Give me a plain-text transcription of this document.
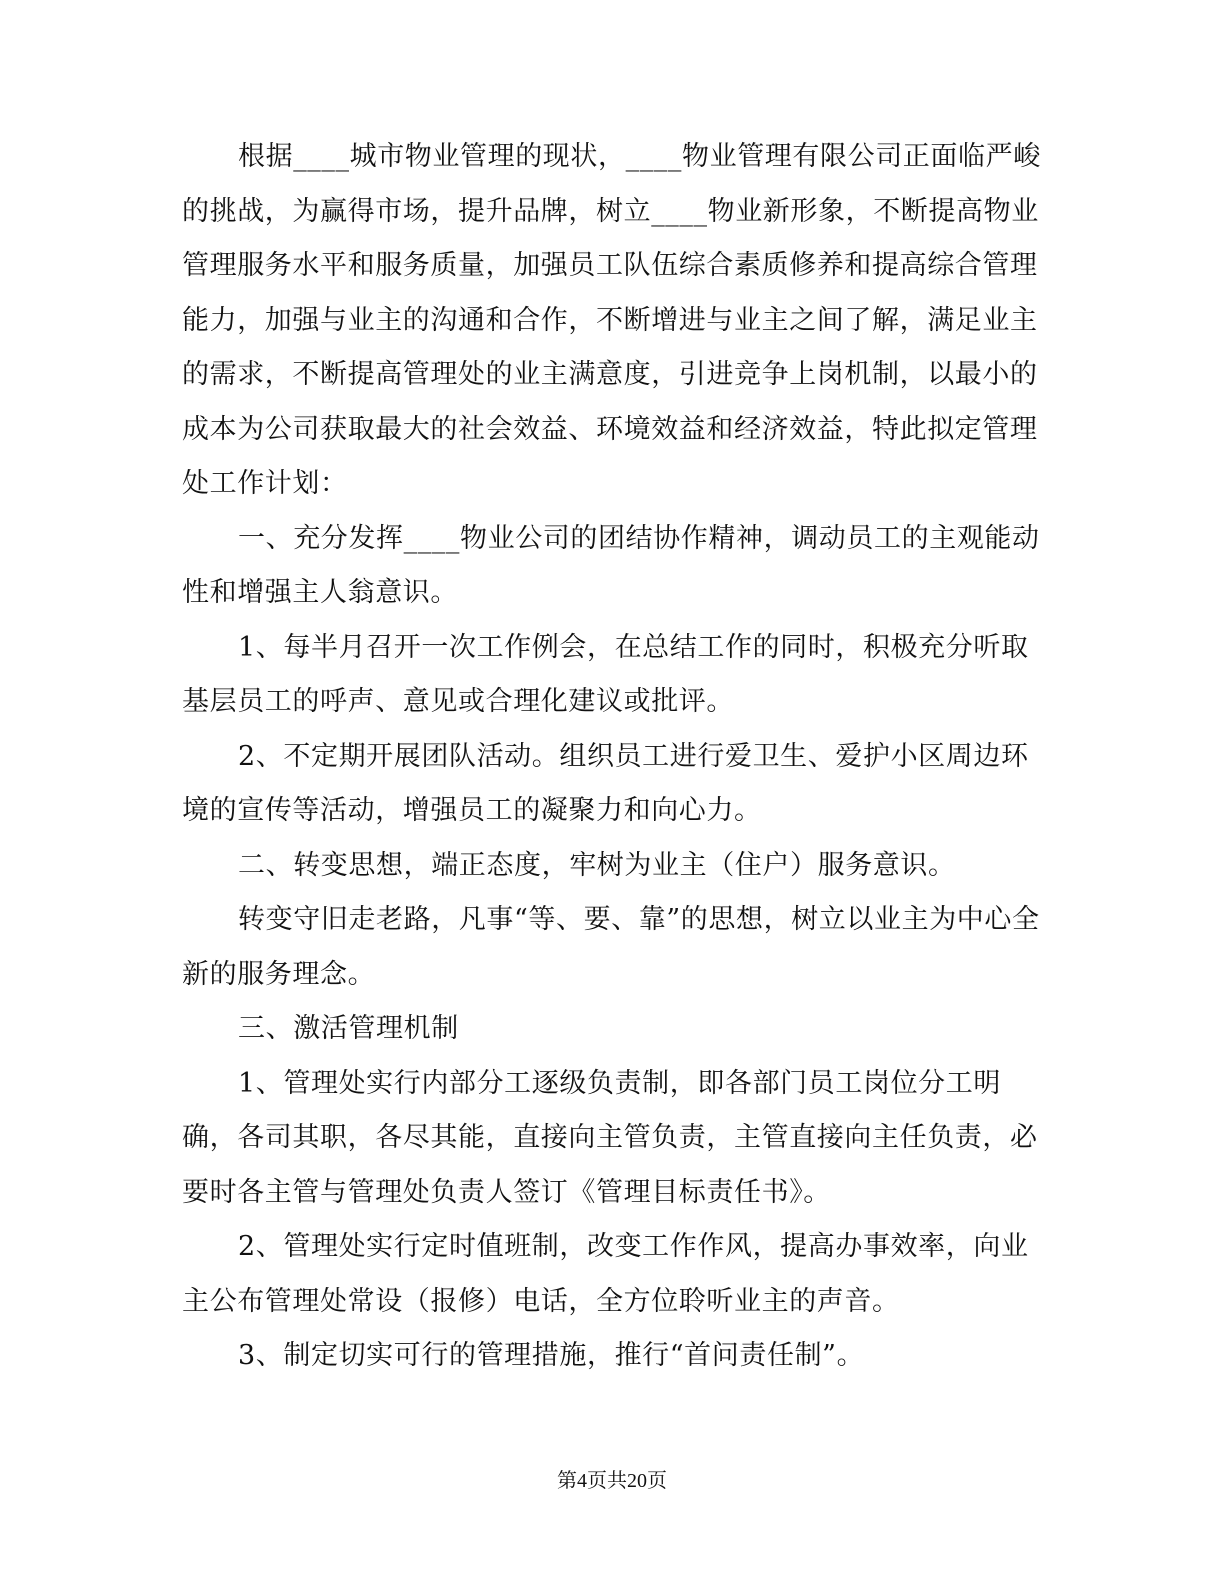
根据____城市物业管理的现状，____物业管理有限公司正面临严峻的挑战，为赢得市场，提升品牌，树立____物业新形象，不断提高物业管理服务水平和服务质量，加强员工队伍综合素质修养和提高综合管理能力，加强与业主的沟通和合作，不断增进与业主之间了解，满足业主的需求，不断提高管理处的业主满意度，引进竞争上岗机制，以最小的成本为公司获取最大的社会效益、环境效益和经济效益，特此拟定管理处工作计划：

一、充分发挥____物业公司的团结协作精神，调动员工的主观能动性和增强主人翁意识。

1、每半月召开一次工作例会，在总结工作的同时，积极充分听取基层员工的呼声、意见或合理化建议或批评。

2、不定期开展团队活动。组织员工进行爱卫生、爱护小区周边环境的宣传等活动，增强员工的凝聚力和向心力。

二、转变思想，端正态度，牢树为业主（住户）服务意识。

转变守旧走老路，凡事“等、要、靠”的思想，树立以业主为中心全新的服务理念。

三、激活管理机制

1、管理处实行内部分工逐级负责制，即各部门员工岗位分工明确，各司其职，各尽其能，直接向主管负责，主管直接向主任负责，必要时各主管与管理处负责人签订《管理目标责任书》。

2、管理处实行定时值班制，改变工作作风，提高办事效率，向业主公布管理处常设（报修）电话，全方位聆听业主的声音。

3、制定切实可行的管理措施，推行“首问责任制”。

第4页共20页
